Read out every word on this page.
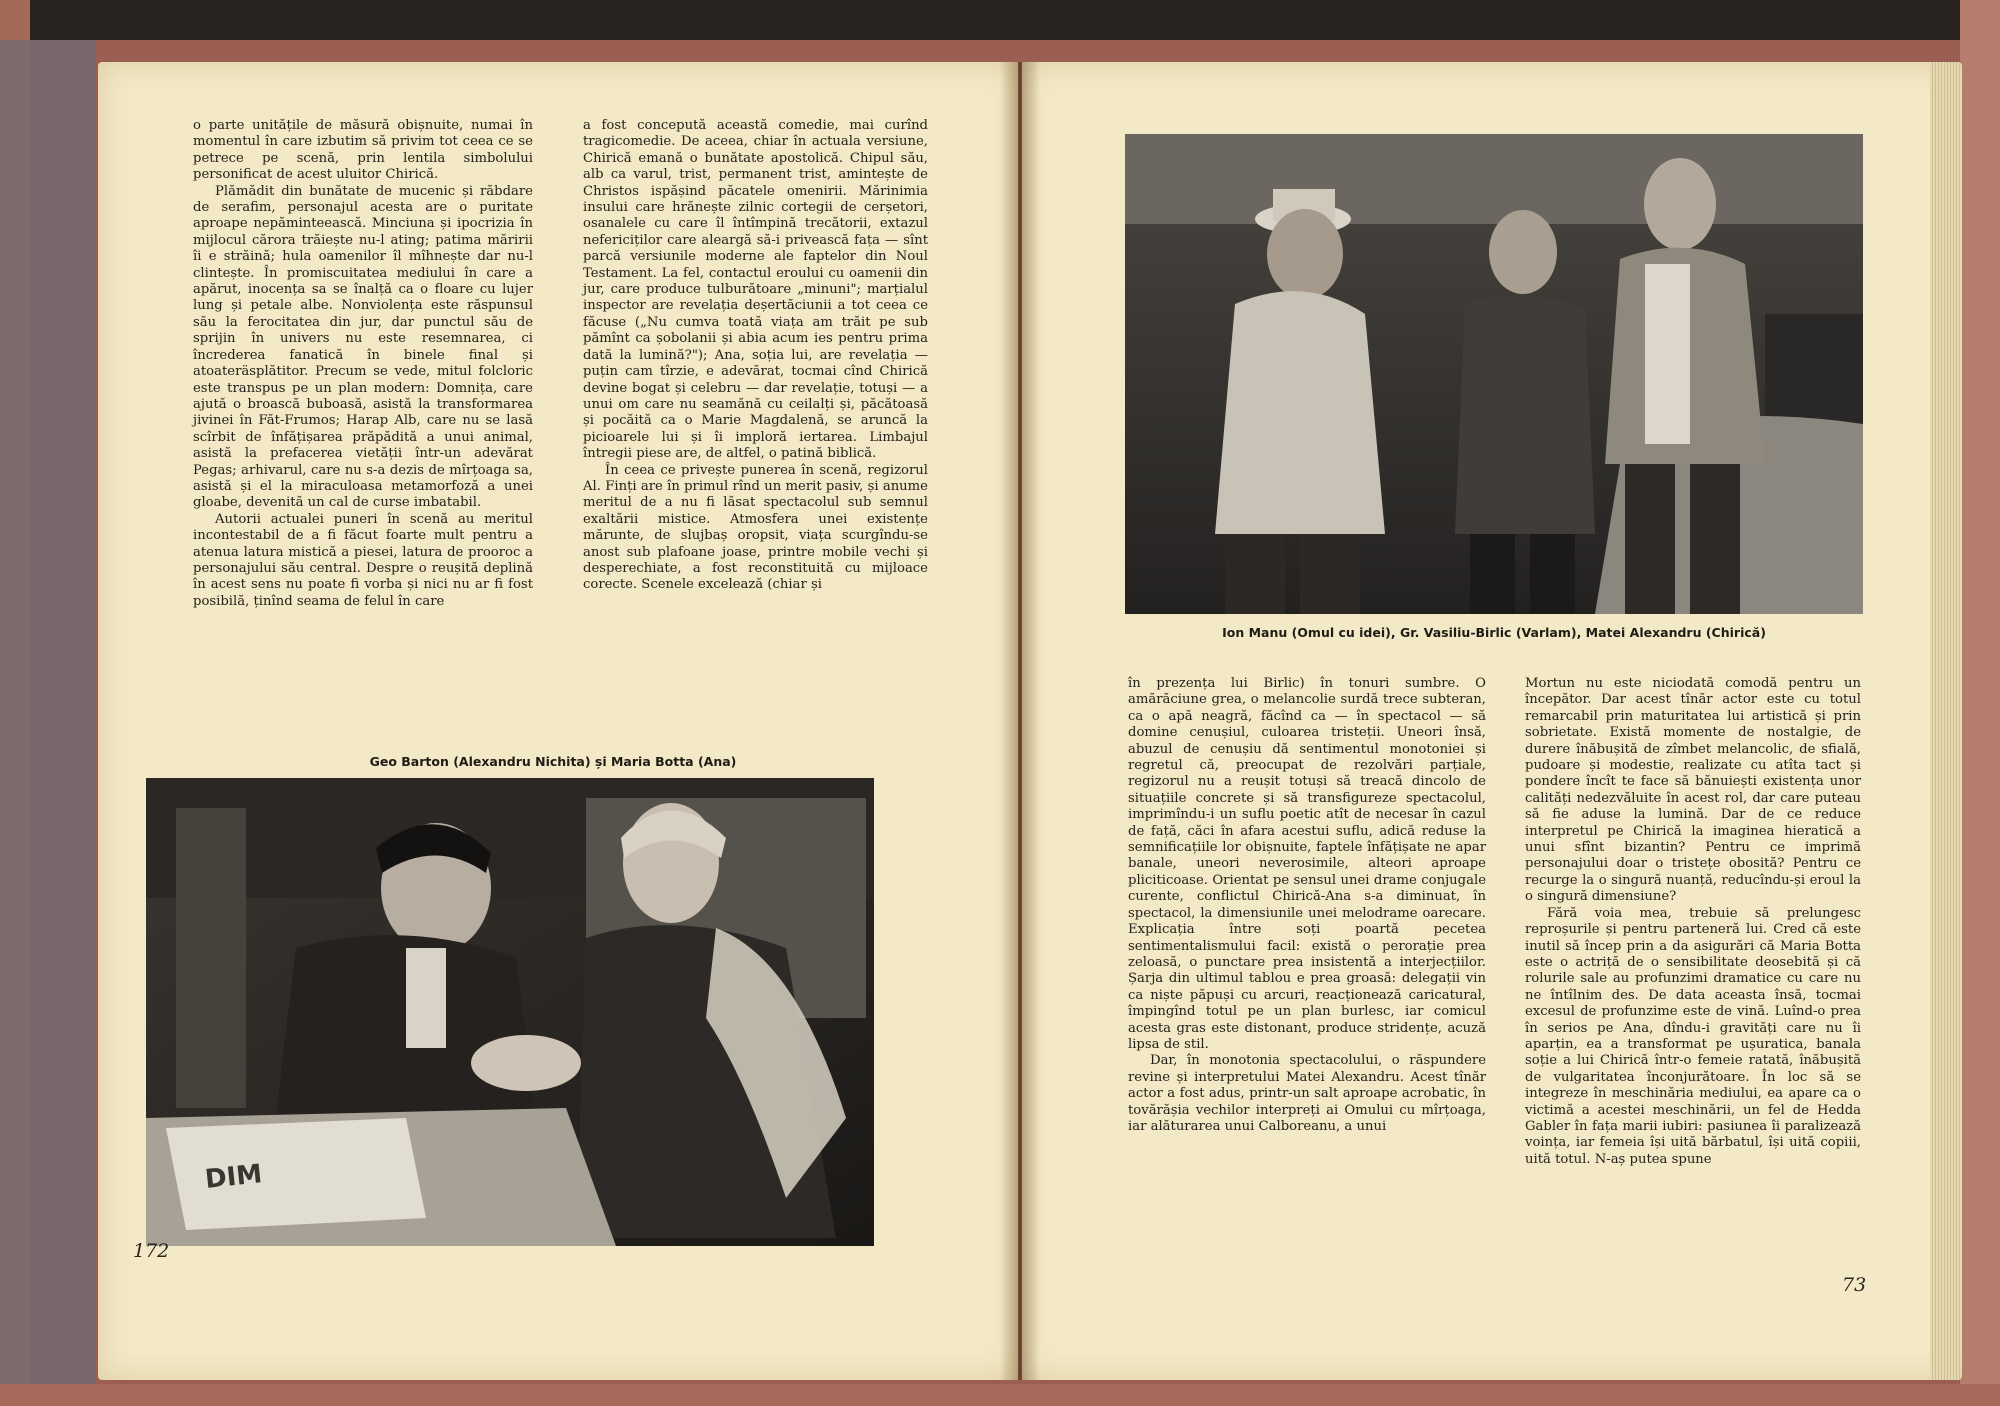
o parte unitățile de măsură obișnuite, numai în momentul în care izbutim să privim tot ceea ce se petrece pe scenă, prin lentila simbolului personificat de acest uluitor Chirică.

Plămădit din bunătate de mucenic și răbdare de serafim, personajul acesta are o puritate aproape nepăminteească. Minciuna și ipocrizia în mijlocul cărora trăiește nu-l ating; patima măririi îi e străină; hula oamenilor îl mîhnește dar nu-l clintește. În promiscuitatea mediului în care a apărut, inocența sa se înalță ca o floare cu lujer lung și petale albe. Nonviolența este răspunsul său la ferocitatea din jur, dar punctul său de sprijin în univers nu este resemnarea, ci încrederea fanatică în binele final și atoateräsplătitor. Precum se vede, mitul folcloric este transpus pe un plan modern: Domnița, care ajută o broască buboasă, asistă la transformarea jivinei în Făt-Frumos; Harap Alb, care nu se lasă scîrbit de înfățișarea prăpădită a unui animal, asistă la prefacerea vietății într-un adevărat Pegas; arhivarul, care nu s-a dezis de mîrțoaga sa, asistă și el la miraculoasa metamorfoză a unei gloabe, devenită un cal de curse imbatabil.

Autorii actualei puneri în scenă au meritul incontestabil de a fi făcut foarte mult pentru a atenua latura mistică a piesei, latura de prooroc a personajului său central. Despre o reușită deplină în acest sens nu poate fi vorba și nici nu ar fi fost posibilă, ținînd seama de felul în care

a fost concepută această comedie, mai curînd tragicomedie. De aceea, chiar în actuala versiune, Chirică emană o bunătate apostolică. Chipul său, alb ca varul, trist, permanent trist, amintește de Christos ispășind păcatele omenirii. Mărinimia insului care hrănește zilnic cortegii de cerșetori, osanalele cu care îl întîmpină trecătorii, extazul nefericiților care aleargă să-i privească fața — sînt parcă versiunile moderne ale faptelor din Noul Testament. La fel, contactul eroului cu oamenii din jur, care produce tulburătoare „minuni"; marțialul inspector are revelația deșertăciunii a tot ceea ce făcuse („Nu cumva toată viața am trăit pe sub pămînt ca șobolanii și abia acum ies pentru prima dată la lumină?"); Ana, soția lui, are revelația — puțin cam tîrzie, e adevărat, tocmai cînd Chirică devine bogat și celebru — dar revelație, totuși — a unui om care nu seamănă cu ceilalți și, păcătoasă și pocăită ca o Marie Magdalenă, se aruncă la picioarele lui și îi imploră iertarea. Limbajul întregii piese are, de altfel, o patină biblică.

În ceea ce privește punerea în scenă, regizorul Al. Finți are în primul rînd un merit pasiv, și anume meritul de a nu fi lăsat spectacolul sub semnul exaltării mistice. Atmosfera unei existențe mărunte, de slujbaș oropsit, viața scurgîndu-se anost sub plafoane joase, printre mobile vechi și desperechiate, a fost reconstituită cu mijloace corecte. Scenele excelează (chiar și

Geo Barton (Alexandru Nichita) și Maria Botta (Ana)
DIM
172
Ion Manu (Omul cu idei), Gr. Vasiliu-Birlic (Varlam), Matei Alexandru (Chirică)

în prezența lui Birlic) în tonuri sumbre. O amărăciune grea, o melancolie surdă trece subteran, ca o apă neagră, făcînd ca — în spectacol — să domine cenușiul, culoarea tristeții. Uneori însă, abuzul de cenușiu dă sentimentul monotoniei și regretul că, preocupat de rezolvări parțiale, regizorul nu a reușit totuși să treacă dincolo de situațiile concrete și să transfigureze spectacolul, imprimîndu-i un suflu poetic atît de necesar în cazul de față, căci în afara acestui suflu, adică reduse la semnificațiile lor obișnuite, faptele înfățișate ne apar banale, uneori neverosimile, alteori aproape pliciticoase. Orientat pe sensul unei drame conjugale curente, conflictul Chirică-Ana s-a diminuat, în spectacol, la dimensiunile unei melodrame oarecare. Explicația între soți poartă pecetea sentimentalismului facil: există o perorație prea zeloasă, o punctare prea insistentă a interjecțiilor. Șarja din ultimul tablou e prea groasă: delegații vin ca niște păpuși cu arcuri, reacționează caricatural, împingînd totul pe un plan burlesc, iar comicul acesta gras este distonant, produce stridențe, acuză lipsa de stil.

Dar, în monotonia spectacolului, o răspundere revine și interpretului Matei Alexandru. Acest tînăr actor a fost adus, printr-un salt aproape acrobatic, în tovărășia vechilor interpreți ai Omului cu mîrțoaga, iar alăturarea unui Calboreanu, a unui

Mortun nu este niciodată comodă pentru un începător. Dar acest tînăr actor este cu totul remarcabil prin maturitatea lui artistică și prin sobrietate. Există momente de nostalgie, de durere înăbușită de zîmbet melancolic, de sfială, pudoare și modestie, realizate cu atîta tact și pondere încît te face să bănuiești existența unor calități nedezvăluite în acest rol, dar care puteau să fie aduse la lumină. Dar de ce reduce interpretul pe Chirică la imaginea hieratică a unui sfînt bizantin? Pentru ce imprimă personajului doar o tristețe obosită? Pentru ce recurge la o singură nuanță, reducîndu-și eroul la o singură dimensiune?

Fără voia mea, trebuie să prelungesc reproșurile și pentru parteneră lui. Cred că este inutil să încep prin a da asigurări că Maria Botta este o actriță de o sensibilitate deosebită și că rolurile sale au profunzimi dramatice cu care nu ne întîlnim des. De data aceasta însă, tocmai excesul de profunzime este de vină. Luînd-o prea în serios pe Ana, dîndu-i gravități care nu îi aparțin, ea a transformat pe ușuratica, banala soție a lui Chirică într-o femeie ratată, înăbușită de vulgaritatea înconjurătoare. În loc să se integreze în meschinăria mediului, ea apare ca o victimă a acestei meschinării, un fel de Hedda Gabler în fața marii iubiri: pasiunea îi paralizează voința, iar femeia își uită bărbatul, își uită copiii, uită totul. N-aș putea spune

73
